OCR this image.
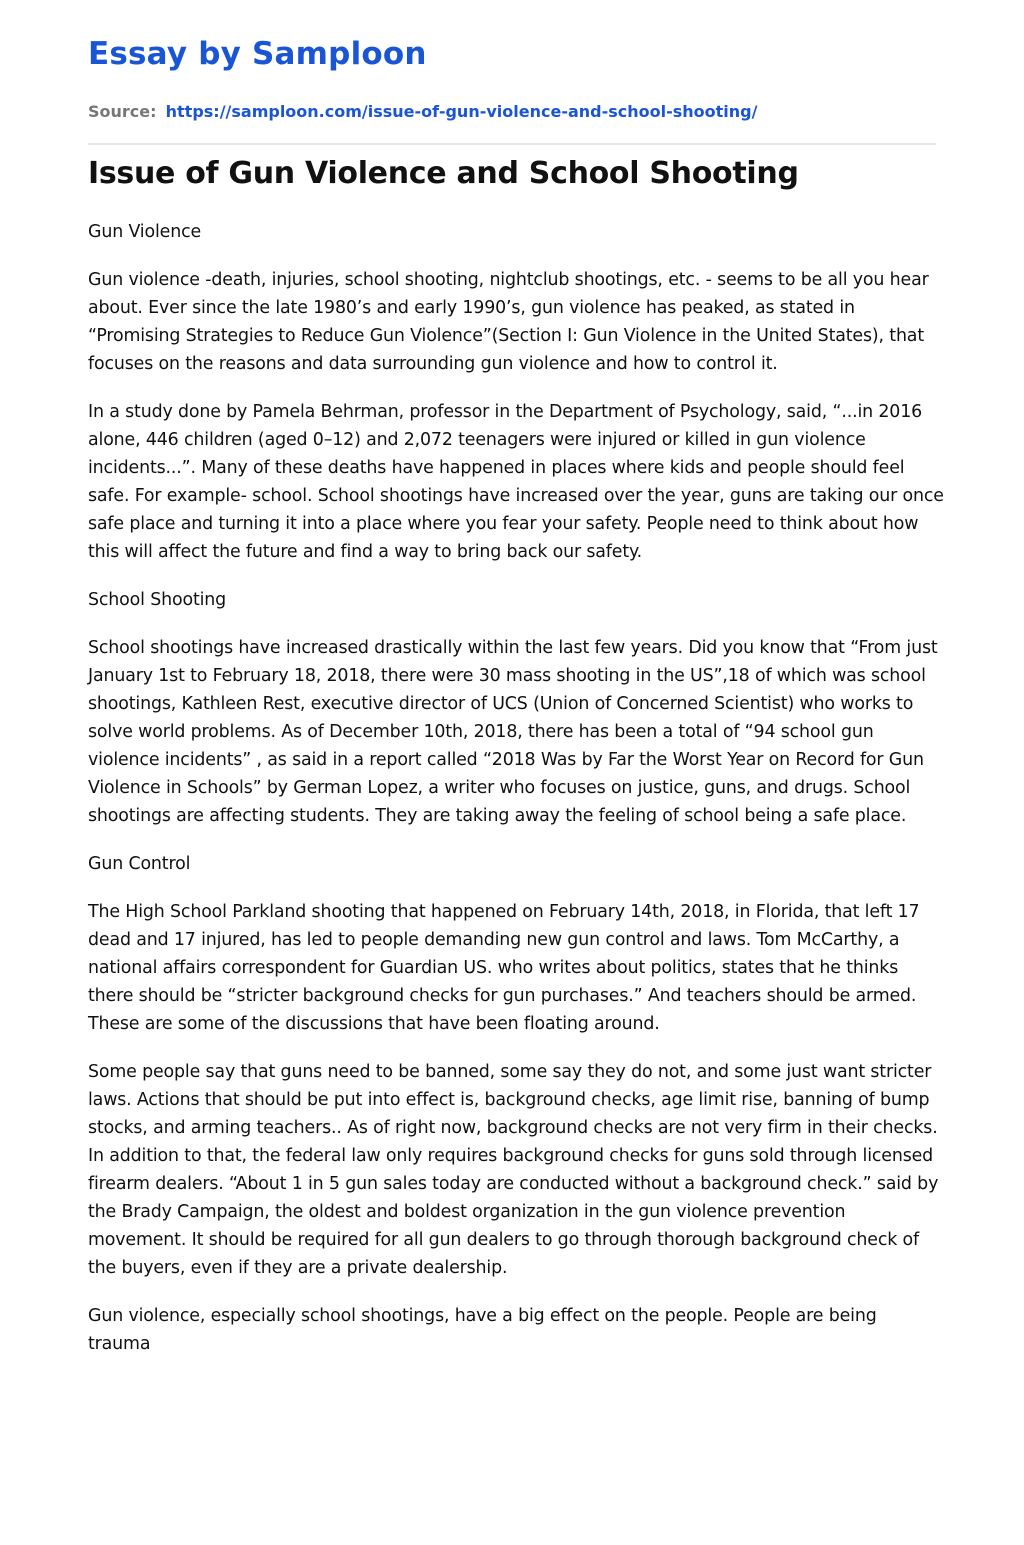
Essay by Samploon
Source: https://samploon.com/issue-of-gun-violence-and-school-shooting/
Issue of Gun Violence and School Shooting

Gun Violence

Gun violence -death, injuries, school shooting, nightclub shootings, etc. - seems to be all you hear about. Ever since the late 1980’s and early 1990’s, gun violence has peaked, as stated in “Promising Strategies to Reduce Gun Violence”(Section I: Gun Violence in the United States), that focuses on the reasons and data surrounding gun violence and how to control it.

In a study done by Pamela Behrman, professor in the Department of Psychology, said, “...in 2016 alone, 446 children (aged 0–12) and 2,072 teenagers were injured or killed in gun violence incidents...”. Many of these deaths have happened in places where kids and people should feel safe. For example- school. School shootings have increased over the year, guns are taking our once safe place and turning it into a place where you fear your safety. People need to think about how this will affect the future and find a way to bring back our safety.

School Shooting

School shootings have increased drastically within the last few years. Did you know that “From just January 1st to February 18, 2018, there were 30 mass shooting in the US”,18 of which was school shootings, Kathleen Rest, executive director of UCS (Union of Concerned Scientist) who works to solve world problems. As of December 10th, 2018, there has been a total of “94 school gun violence incidents” , as said in a report called “2018 Was by Far the Worst Year on Record for Gun Violence in Schools” by German Lopez, a writer who focuses on justice, guns, and drugs. School shootings are affecting students. They are taking away the feeling of school being a safe place.

Gun Control

The High School Parkland shooting that happened on February 14th, 2018, in Florida, that left 17 dead and 17 injured, has led to people demanding new gun control and laws. Tom McCarthy, a national affairs correspondent for Guardian US. who writes about politics, states that he thinks there should be “stricter background checks for gun purchases.” And teachers should be armed. These are some of the discussions that have been floating around.

Some people say that guns need to be banned, some say they do not, and some just want stricter laws. Actions that should be put into effect is, background checks, age limit rise, banning of bump stocks, and arming teachers.. As of right now, background checks are not very firm in their checks. In addition to that, the federal law only requires background checks for guns sold through licensed firearm dealers. “About 1 in 5 gun sales today are conducted without a background check.” said by the Brady Campaign, the oldest and boldest organization in the gun violence prevention movement. It should be required for all gun dealers to go through thorough background check of the buyers, even if they are a private dealership.

Gun violence, especially school shootings, have a big effect on the people. People are being trauma
